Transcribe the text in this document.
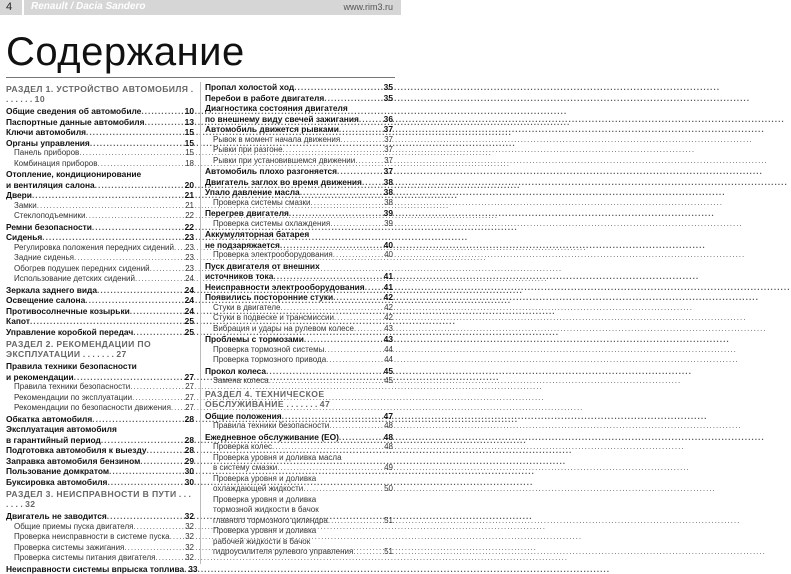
4 Renault / Dacia Sandero	www.rim3.ru
Содержание
РАЗДЕЛ 1. УСТРОЙСТВО АВТОМОБИЛЯ . . . . . . . 10
Общие сведения об автомобиле .....	10
Паспортные данные автомобиля .....	13
Ключи автомобиля .....	15
Органы управления .....	15
Панель приборов .....	15
Комбинация приборов .....	18
Отопление, кондиционирование
и вентиляция салона .....	20
Двери .....	21
Замки .....	21
Стеклоподъемники .....	22
Ремни безопасности .....	22
Сиденья .....	23
Регулировка положения передних сидений ..... 23
Задние сиденья .....	23
Обогрев подушек передних сидений .....	23
Использование детских сидений .....	24
Зеркала заднего вида .....	24
Освещение салона .....	24
Противосолнечные козырьки .....	24
Капот .....	25
Управление коробкой передач .....	25
РАЗДЕЛ 2. РЕКОМЕНДАЦИИ ПО ЭКСПЛУАТАЦИИ . . . . . . . 27
Правила техники безопасности
и рекомендации .....	27
Правила техники безопасности .....	27
Рекомендации по эксплуатации .....	27
Рекомендации по безопасности движения ..... 27
Обкатка автомобиля .....	28
Эксплуатация автомобиля
в гарантийный период .....	28
Подготовка автомобиля к выезду .....	28
Заправка автомобиля бензином .....	29
Пользование домкратом .....	30
Буксировка автомобиля .....	30
РАЗДЕЛ 3. НЕИСПРАВНОСТИ В ПУТИ . . . . . . . 32
Двигатель не заводится .....	32
Общие приемы пуска двигателя .....	32
Проверка неисправности в системе пуска ..... 32
Проверка системы зажигания .....	32
Проверка системы питания двигателя .....	32
Неисправности системы впрыска топлива ..... 33
Пропал холостой ход .....	35
Перебои в работе двигателя .....	35
Диагностика состояния двигателя
по внешнему виду свечей зажигания .....	36
Автомобиль движется рывками .....	37
Рывок в момент начала движения .....	37
Рывки при разгоне .....	37
Рывки при установившемся движении .....	37
Автомобиль плохо разгоняется .....	37
Двигатель заглох во время движения .....	38
Упало давление масла .....	38
Проверка системы смазки .....	38
Перегрев двигателя .....	39
Проверка системы охлаждения .....	39
Аккумуляторная батарея
не подзаряжается .....	40
Проверка электрооборудования .....	40
Пуск двигателя от внешних
источников тока .....	41
Неисправности электрооборудования ..... 41
Появились посторонние стуки .....	42
Стуки в двигателе .....	42
Стуки в подвеске и трансмиссии .....	42
Вибрация и удары на рулевом колесе .....	43
Проблемы с тормозами .....	43
Проверка тормозной системы .....	44
Проверка тормозного привода .....	44
Прокол колеса .....	45
Замена колеса .....	45
РАЗДЕЛ 4. ТЕХНИЧЕСКОЕ ОБСЛУЖИВАНИЕ . . . . . . . 47
Общие положения .....	47
Правила техники безопасности .....	48
Ежедневное обслуживание (ЕО) .....	48
Проверка колес .....	48
Проверка уровня и доливка масла
в систему смазки .....	49
Проверка уровня и доливка
охлаждающей жидкости .....	50
Проверка уровня и доливка
тормозной жидкости в бачок
главного тормозного цилиндра .....	51
Проверка уровня и доливка
рабочей жидкости в бачок
гидроусилителя рулевого управления .....	51
